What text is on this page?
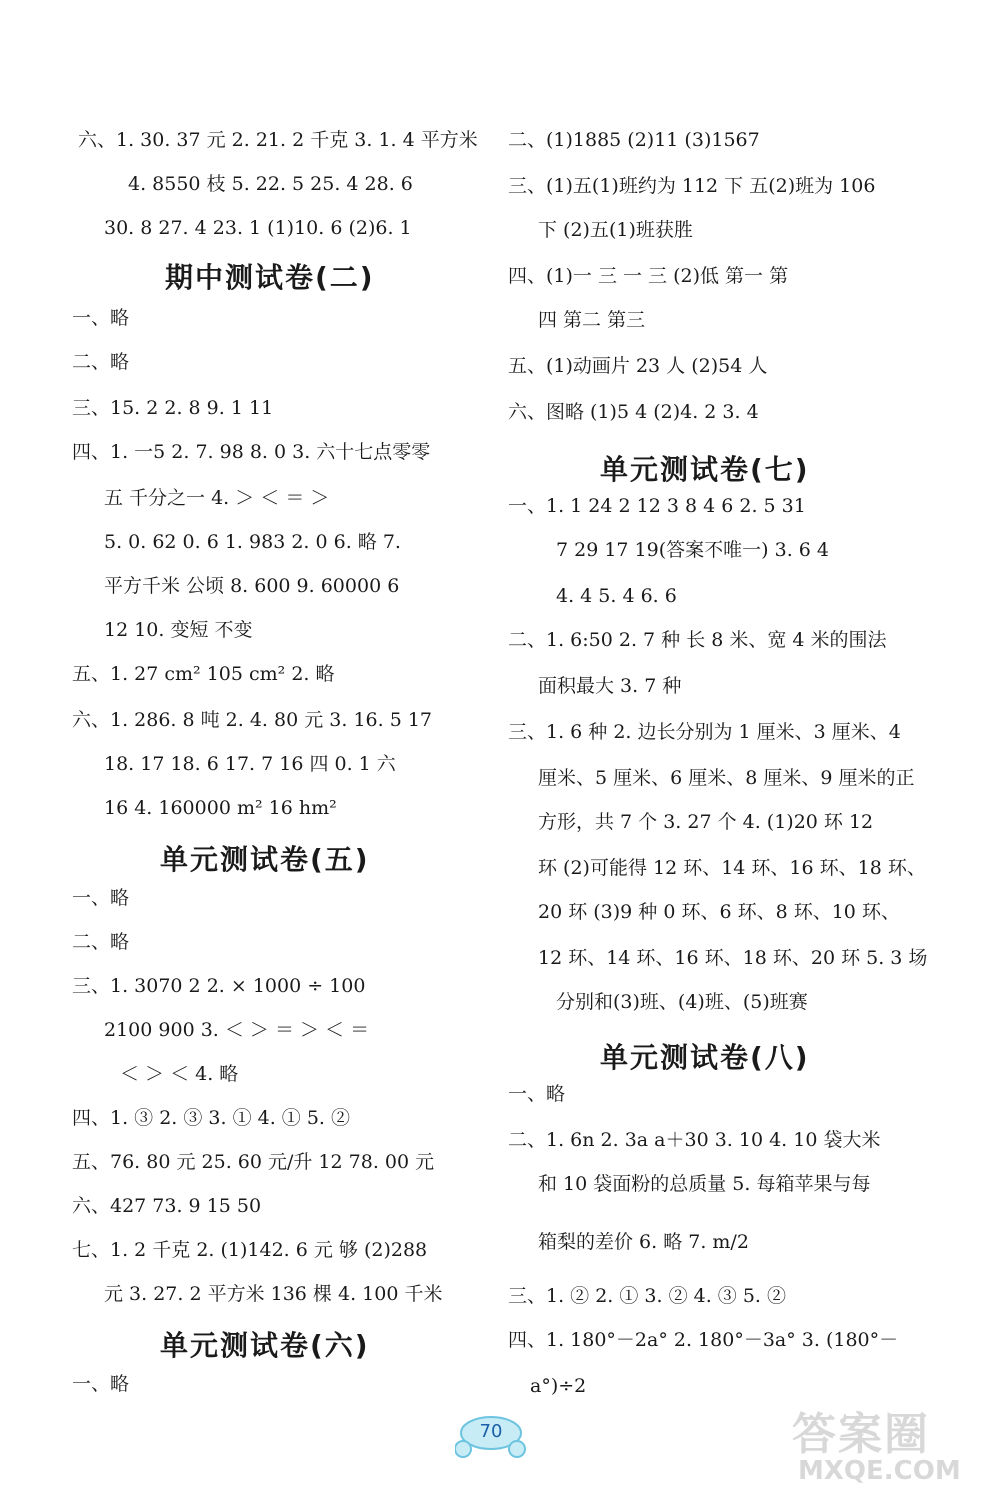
六、1. 30. 37 元 2. 21. 2 千克 3. 1. 4 平方米
4. 8550 枝 5. 22. 5 25. 4 28. 6
30. 8 27. 4 23. 1 (1)10. 6 (2)6. 1
期中测试卷(二)
一、略
二、略
三、15. 2 2. 8 9. 1 11
四、1. 一5 2. 7. 98 8. 0 3. 六十七点零零
五 千分之一 4. ＞ ＜ ＝ ＞
5. 0. 62 0. 6 1. 983 2. 0 6. 略 7.
平方千米 公顷 8. 600 9. 60000 6
12 10. 变短 不变
五、1. 27 cm² 105 cm² 2. 略
六、1. 286. 8 吨 2. 4. 80 元 3. 16. 5 17
18. 17 18. 6 17. 7 16 四 0. 1 六
16 4. 160000 m² 16 hm²
单元测试卷(五)
一、略
二、略
三、1. 3070 2 2. × 1000 ÷ 100
2100 900 3. ＜ ＞ ＝ ＞ ＜ ＝
＜ ＞ ＜ 4. 略
四、1. ③ 2. ③ 3. ① 4. ① 5. ②
五、76. 80 元 25. 60 元/升 12 78. 00 元
六、427 73. 9 15 50
七、1. 2 千克 2. (1)142. 6 元 够 (2)288
元 3. 27. 2 平方米 136 棵 4. 100 千米
单元测试卷(六)
一、略
二、(1)1885 (2)11 (3)1567
三、(1)五(1)班约为 112 下 五(2)班为 106
下 (2)五(1)班获胜
四、(1)一 三 一 三 (2)低 第一 第
四 第二 第三
五、(1)动画片 23 人 (2)54 人
六、图略 (1)5 4 (2)4. 2 3. 4
单元测试卷(七)
一、1. 1 24 2 12 3 8 4 6 2. 5 31
7 29 17 19(答案不唯一) 3. 6 4
4. 4 5. 4 6. 6
二、1. 6:50 2. 7 种 长 8 米、宽 4 米的围法
面积最大 3. 7 种
三、1. 6 种 2. 边长分别为 1 厘米、3 厘米、4
厘米、5 厘米、6 厘米、8 厘米、9 厘米的正
方形，共 7 个 3. 27 个 4. (1)20 环 12
环 (2)可能得 12 环、14 环、16 环、18 环、
20 环 (3)9 种 0 环、6 环、8 环、10 环、
12 环、14 环、16 环、18 环、20 环 5. 3 场
分别和(3)班、(4)班、(5)班赛
单元测试卷(八)
一、略
二、1. 6n 2. 3a a＋30 3. 10 4. 10 袋大米
和 10 袋面粉的总质量 5. 每箱苹果与每
箱梨的差价 6. 略 7. m/2
三、1. ② 2. ① 3. ② 4. ③ 5. ②
四、1. 180°－2a° 2. 180°－3a° 3. (180°－
a°)÷2
70	答案圈
MXQE.COM
